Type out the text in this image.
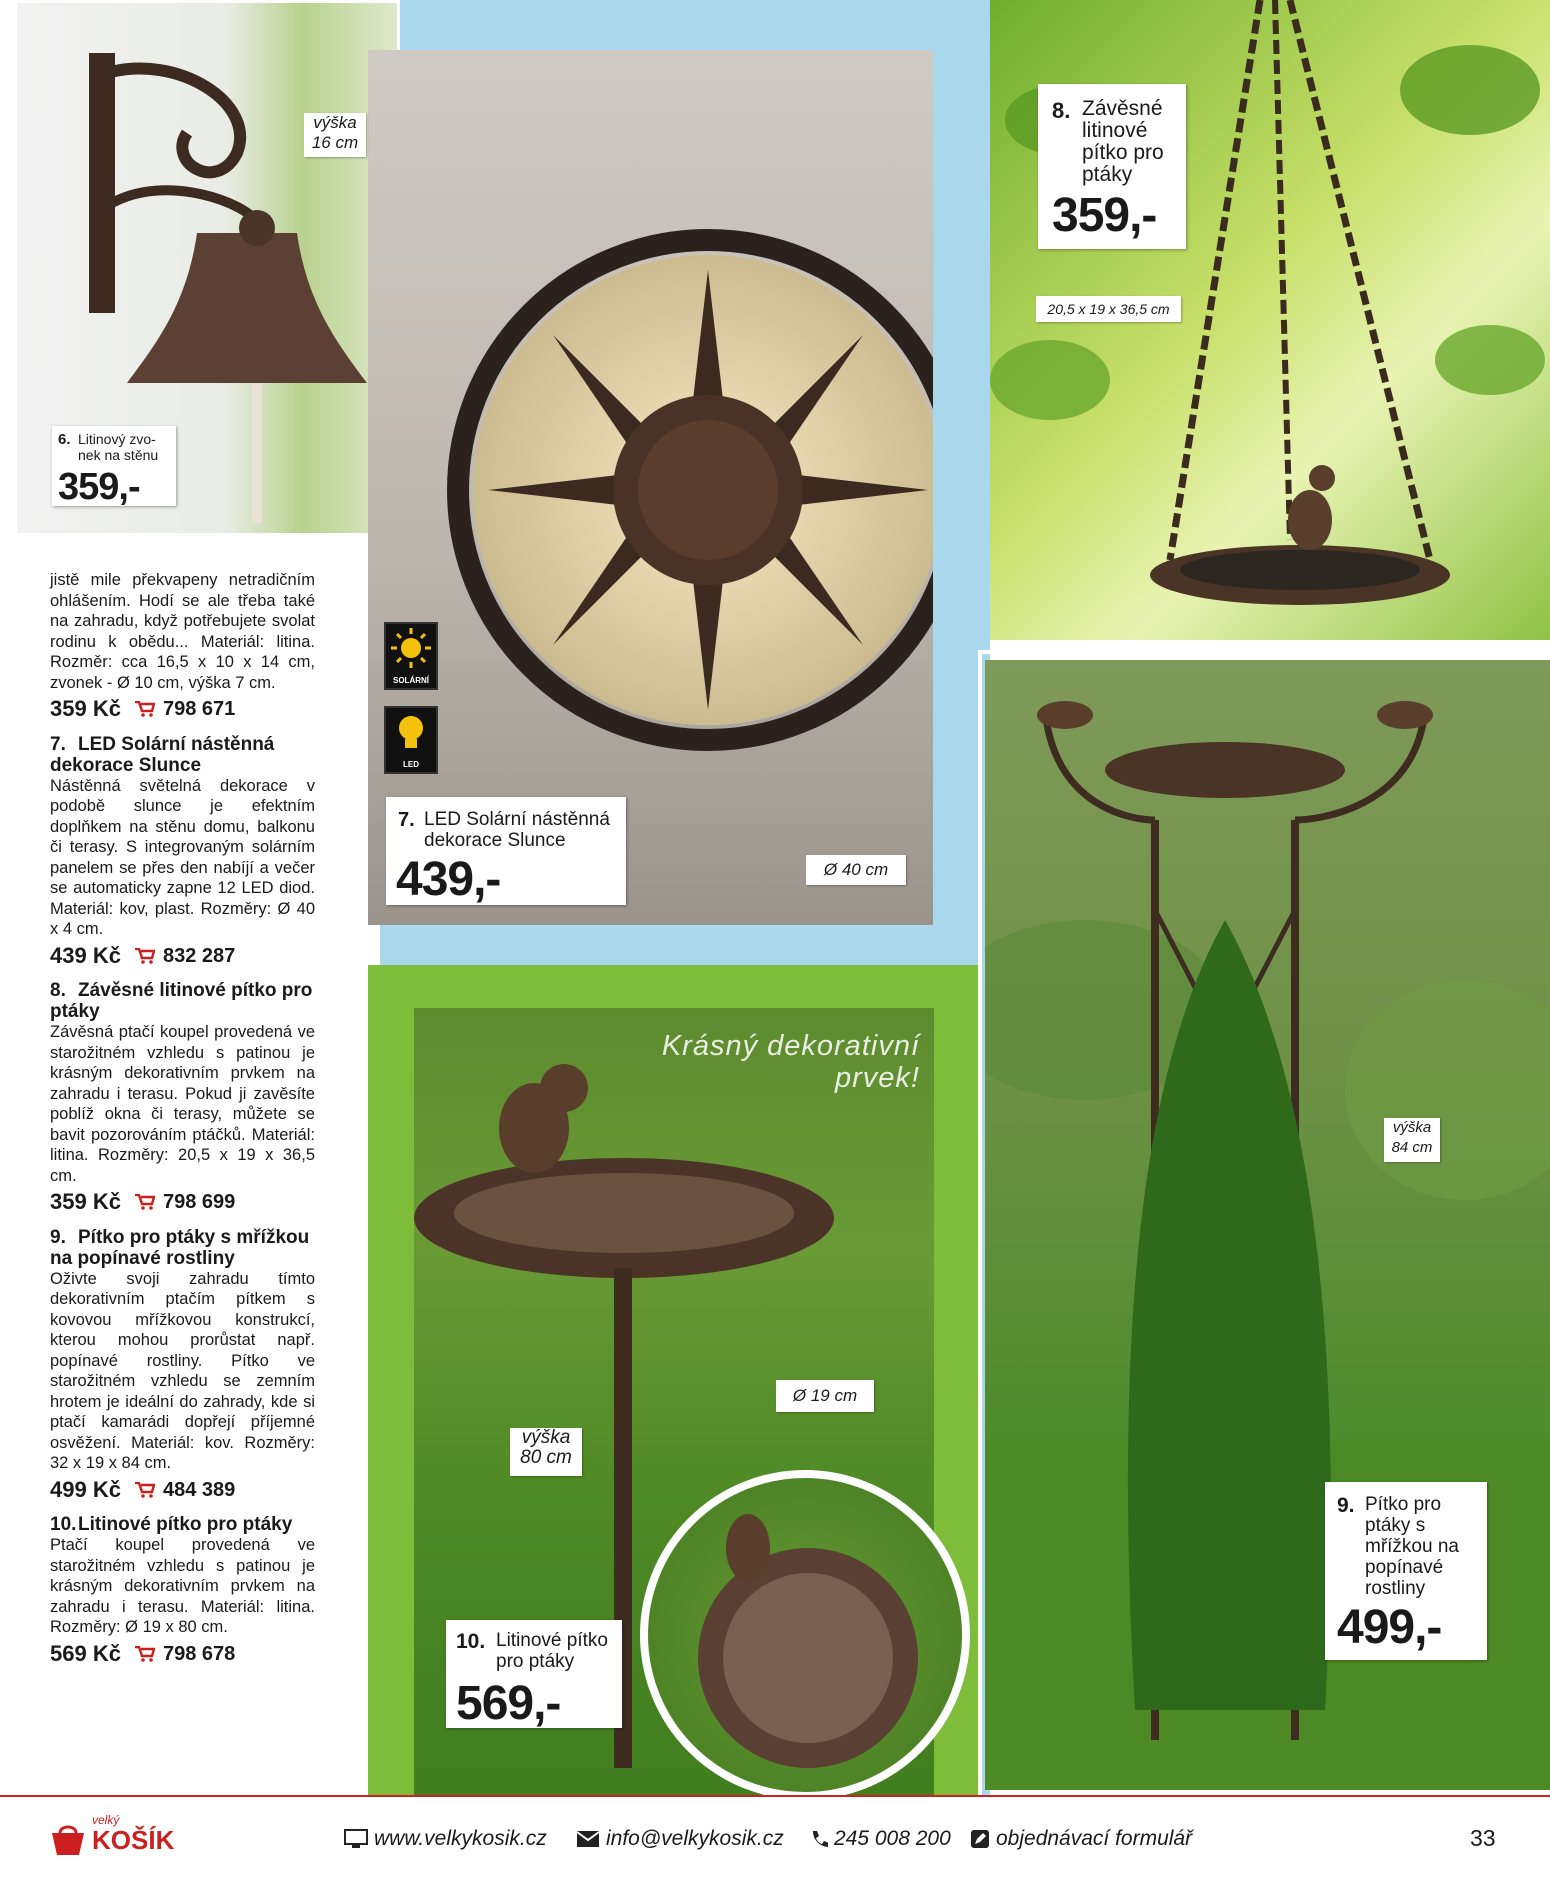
SOLÁRNÍ
LED
Krásný dekorativní prvek!
výška 16 cm
Ø 40 cm
20,5 x 19 x 36,5 cm
výška 84 cm
výška 80 cm
Ø 19 cm
6. Litinový zvo-nek na stěnu
359,-
7. LED Solární nástěnná dekorace Slunce
439,-
8. Závěsné litinové pítko pro ptáky
359,-
9. Pítko pro ptáky s mřížkou na popínavé rostliny
499,-
10. Litinové pítko pro ptáky
569,-

jistě mile překvapeny netradičním ohlášením. Hodí se ale třeba také na zahradu, když potřebujete svolat rodinu k obědu... Materiál: litina. Rozměr: cca 16,5 x 10 x 14 cm, zvonek - Ø 10 cm, výška 7 cm.

359 Kč 798 671
7. LED Solární nástěnná dekorace Slunce

Nástěnná světelná dekorace v podobě slunce je efektním doplňkem na stěnu domu, balkonu či terasy. S integrovaným solárním panelem se přes den nabíjí a večer se automaticky zapne 12 LED diod. Materiál: kov, plast. Rozměry: Ø 40 x 4 cm.

439 Kč 832 287
8. Závěsné litinové pítko pro ptáky

Závěsná ptačí koupel provedená ve starožitném vzhledu s patinou je krásným dekorativním prvkem na zahradu i terasu. Pokud ji zavěsíte poblíž okna či terasy, můžete se bavit pozorováním ptáčků. Materiál: litina. Rozměry: 20,5 x 19 x 36,5 cm.

359 Kč 798 699
9. Pítko pro ptáky s mřížkou na popínavé rostliny

Oživte svoji zahradu tímto dekorativním ptačím pítkem s kovovou mřížkovou konstrukcí, kterou mohou prorůstat např. popínavé rostliny. Pítko ve starožitném vzhledu se zemním hrotem je ideální do zahrady, kde si ptačí kamarádi dopřejí příjemné osvěžení. Materiál: kov. Rozměry: 32 x 19 x 84 cm.

499 Kč 484 389
10.Litinové pítko pro ptáky

Ptačí koupel provedená ve starožitném vzhledu s patinou je krásným dekorativním prvkem na zahradu i terasu. Materiál: litina. Rozměry: Ø 19 x 80 cm.

569 Kč 798 678
velký
KOŠÍK	www.velkykosik.cz	info@velkykosik.cz 245 008 200 objednávací formulář	33
